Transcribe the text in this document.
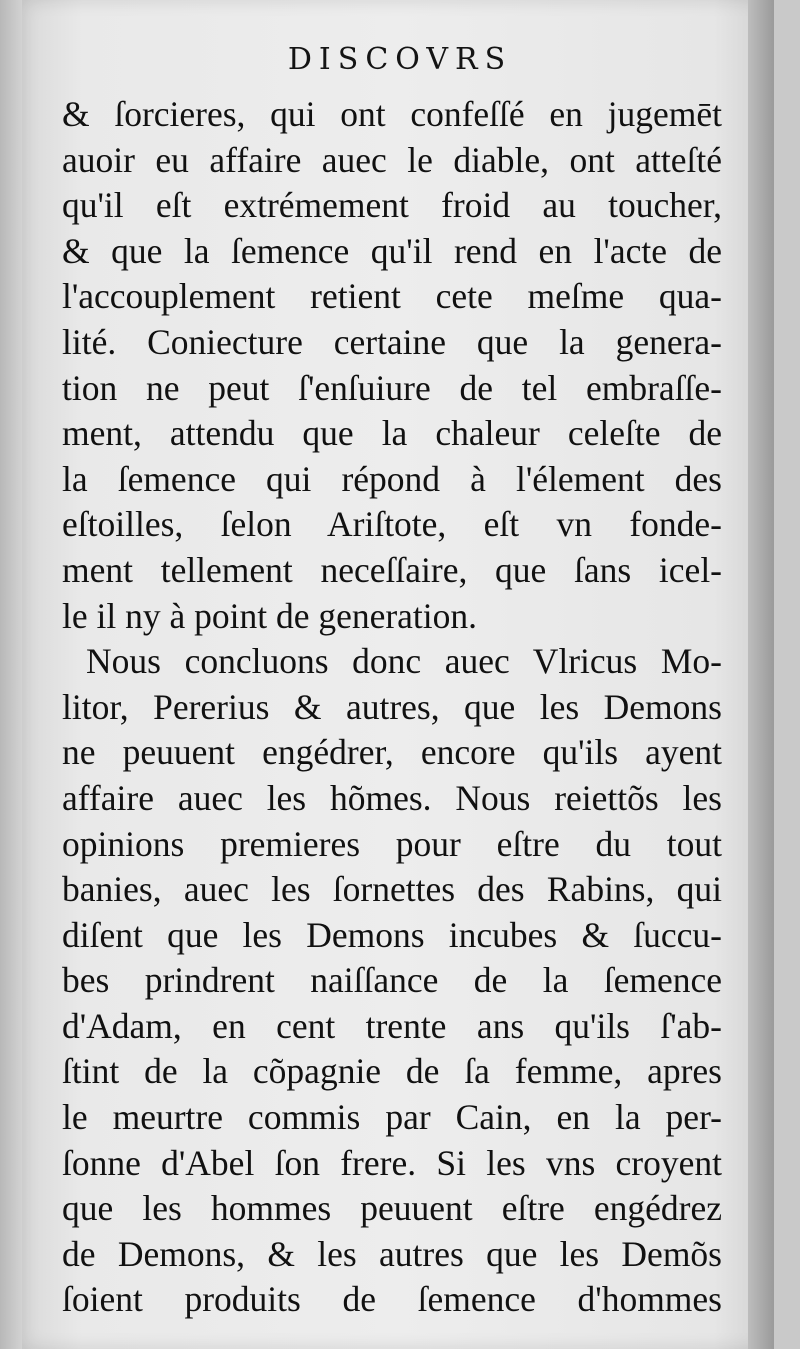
DISCOVRS
& ſorcieres, qui ont confeſſé en jugemēt
auoir eu affaire auec le diable, ont atteſté
qu'il eſt extrémement froid au toucher,
& que la ſemence qu'il rend en l'acte de
l'accouplement retient cete meſme qua-
lité. Coniecture certaine que la genera-
tion ne peut ſ'enſuiure de tel embraſſe-
ment, attendu que la chaleur celeſte de
la ſemence qui répond à l'élement des
eſtoilles, ſelon Ariſtote, eſt vn fonde-
ment tellement neceſſaire, que ſans icel-
le il ny à point de generation.
Nous concluons donc auec Vlricus Mo-
litor, Pererius & autres, que les Demons
ne peuuent engédrer, encore qu'ils ayent
affaire auec les hõmes. Nous reiettõs les
opinions premieres pour eſtre du tout
banies, auec les ſornettes des Rabins, qui
diſent que les Demons incubes & ſuccu-
bes prindrent naiſſance de la ſemence
d'Adam, en cent trente ans qu'ils ſ'ab-
ſtint de la cõpagnie de ſa femme, apres
le meurtre commis par Cain, en la per-
ſonne d'Abel ſon frere. Si les vns croyent
que les hommes peuuent eſtre engédrez
de Demons, & les autres que les Demõs
ſoient produits de ſemence d'hommes
